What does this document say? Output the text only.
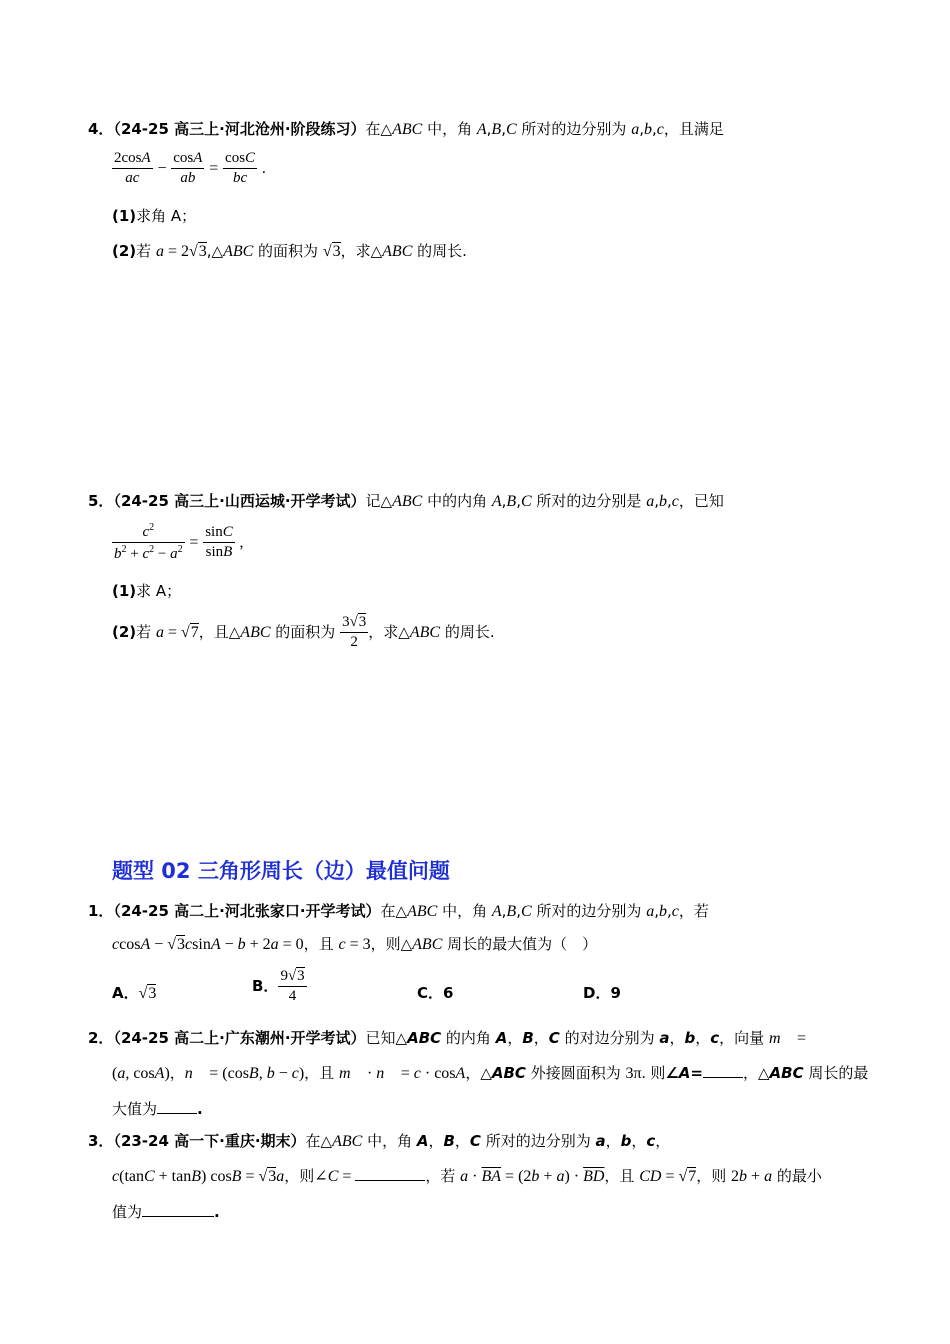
4．（24-25 高三上·河北沧州·阶段练习）在△ABC 中，角 A,B,C 所对的边分别为 a,b,c，且满足
$\frac{2\cos A}{ac} - \frac{\cos A}{ab} = \frac{\cos C}{bc}$ .
(1)求角 A；
(2)若 a = 2√3,△ABC 的面积为 √3，求△ABC 的周长.
5．（24-25 高三上·山西运城·开学考试）记△ABC 中的内角 A,B,C 所对的边分别是 a,b,c，已知
$\frac{c^2}{b^2 + c^2 - a^2} = \frac{\sin C}{\sin B}$ ,
(1)求 A；
(2)若 a = √7，且△ABC 的面积为 $\frac{3√3}{2}$ ，求△ABC 的周长.
题型 02 三角形周长（边）最值问题
1．（24-25 高二上·河北张家口·开学考试）在△ABC 中，角 A,B,C 所对的边分别为 a,b,c，若
ccosA − √3csinA − b + 2a = 0，且 c = 3，则△ABC 周长的最大值为（　）
A．√3	B． $\frac{9√3}{4}$	C．6	D．9
2．（24-25 高二上·广东潮州·开学考试）已知△ABC 的内角 A，B，C 的对边分别为 a，b，c，向量 m⃗ =
(a, cosA)，n⃗ = (cosB, b − c)，且 m⃗ · n⃗ = c · cosA，△ABC 外接圆面积为 3π. 则∠A=	，△ABC 周长的最
大值为	.
3．（23-24 高一下·重庆·期末）在△ABC 中，角 A，B，C 所对的边分别为 a，b，c，
c(tanC + tanB) cosB = √3a，则∠C =	，若 $a \cdot \overline{BA} = (2b + a) \cdot \overline{BD}$，且 CD = √7，则 2b + a 的最小
值为	.
